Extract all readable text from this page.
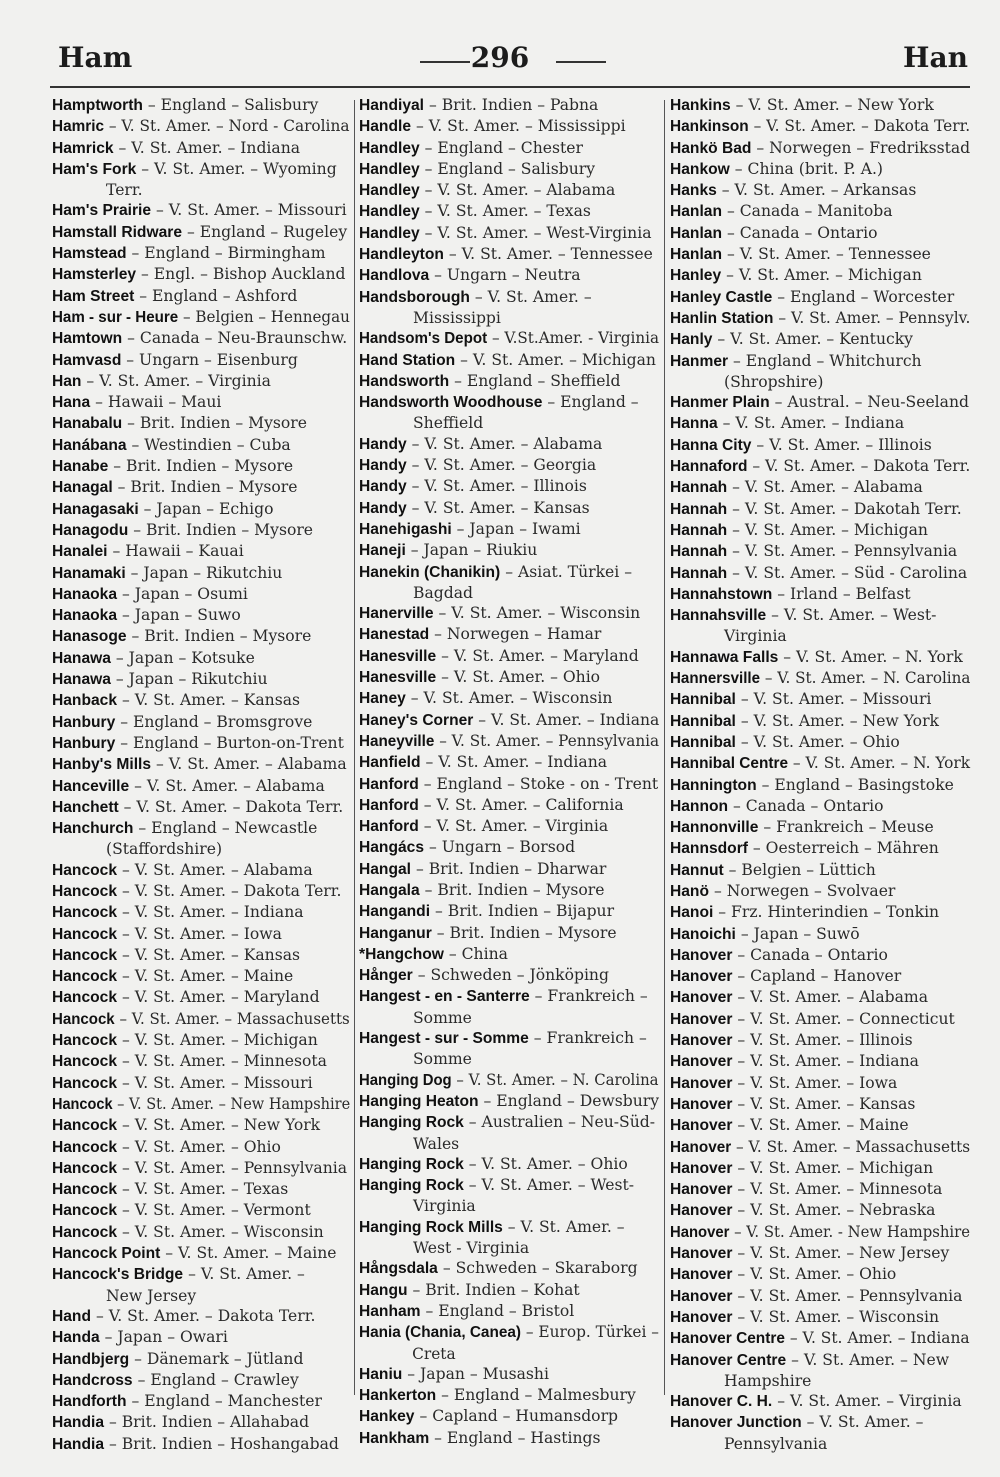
Ham	296	Han
Hamptworth – England – Salisbury
Hamric – V. St. Amer. – Nord - Carolina
Hamrick – V. St. Amer. – Indiana
Ham's Fork – V. St. Amer. – Wyoming
Terr.
Ham's Prairie – V. St. Amer. – Missouri
Hamstall Ridware – England – Rugeley
Hamstead – England – Birmingham
Hamsterley – Engl. – Bishop Auckland
Ham Street – England – Ashford
Ham - sur - Heure – Belgien – Hennegau
Hamtown – Canada – Neu-Braunschw.
Hamvasd – Ungarn – Eisenburg
Han – V. St. Amer. – Virginia
Hana – Hawaii – Maui
Hanabalu – Brit. Indien – Mysore
Hanábana – Westindien – Cuba
Hanabe – Brit. Indien – Mysore
Hanagal – Brit. Indien – Mysore
Hanagasaki – Japan – Echigo
Hanagodu – Brit. Indien – Mysore
Hanalei – Hawaii – Kauai
Hanamaki – Japan – Rikutchiu
Hanaoka – Japan – Osumi
Hanaoka – Japan – Suwo
Hanasoge – Brit. Indien – Mysore
Hanawa – Japan – Kotsuke
Hanawa – Japan – Rikutchiu
Hanback – V. St. Amer. – Kansas
Hanbury – England – Bromsgrove
Hanbury – England – Burton-on-Trent
Hanby's Mills – V. St. Amer. – Alabama
Hanceville – V. St. Amer. – Alabama
Hanchett – V. St. Amer. – Dakota Terr.
Hanchurch – England – Newcastle
(Staffordshire)
Hancock – V. St. Amer. – Alabama
Hancock – V. St. Amer. – Dakota Terr.
Hancock – V. St. Amer. – Indiana
Hancock – V. St. Amer. – Iowa
Hancock – V. St. Amer. – Kansas
Hancock – V. St. Amer. – Maine
Hancock – V. St. Amer. – Maryland
Hancock – V. St. Amer. – Massachusetts
Hancock – V. St. Amer. – Michigan
Hancock – V. St. Amer. – Minnesota
Hancock – V. St. Amer. – Missouri
Hancock – V. St. Amer. – New Hampshire
Hancock – V. St. Amer. – New York
Hancock – V. St. Amer. – Ohio
Hancock – V. St. Amer. – Pennsylvania
Hancock – V. St. Amer. – Texas
Hancock – V. St. Amer. – Vermont
Hancock – V. St. Amer. – Wisconsin
Hancock Point – V. St. Amer. – Maine
Hancock's Bridge – V. St. Amer. –
New Jersey
Hand – V. St. Amer. – Dakota Terr.
Handa – Japan – Owari
Handbjerg – Dänemark – Jütland
Handcross – England – Crawley
Handforth – England – Manchester
Handia – Brit. Indien – Allahabad
Handia – Brit. Indien – Hoshangabad
Handiyal – Brit. Indien – Pabna
Handle – V. St. Amer. – Mississippi
Handley – England – Chester
Handley – England – Salisbury
Handley – V. St. Amer. – Alabama
Handley – V. St. Amer. – Texas
Handley – V. St. Amer. – West-Virginia
Handleyton – V. St. Amer. – Tennessee
Handlova – Ungarn – Neutra
Handsborough – V. St. Amer. –
Mississippi
Handsom's Depot – V.St.Amer. - Virginia
Hand Station – V. St. Amer. – Michigan
Handsworth – England – Sheffield
Handsworth Woodhouse – England –
Sheffield
Handy – V. St. Amer. – Alabama
Handy – V. St. Amer. – Georgia
Handy – V. St. Amer. – Illinois
Handy – V. St. Amer. – Kansas
Hanehigashi – Japan – Iwami
Haneji – Japan – Riukiu
Hanekin (Chanikin) – Asiat. Türkei –
Bagdad
Hanerville – V. St. Amer. – Wisconsin
Hanestad – Norwegen – Hamar
Hanesville – V. St. Amer. – Maryland
Hanesville – V. St. Amer. – Ohio
Haney – V. St. Amer. – Wisconsin
Haney's Corner – V. St. Amer. – Indiana
Haneyville – V. St. Amer. – Pennsylvania
Hanfield – V. St. Amer. – Indiana
Hanford – England – Stoke - on - Trent
Hanford – V. St. Amer. – California
Hanford – V. St. Amer. – Virginia
Hangács – Ungarn – Borsod
Hangal – Brit. Indien – Dharwar
Hangala – Brit. Indien – Mysore
Hangandi – Brit. Indien – Bijapur
Hanganur – Brit. Indien – Mysore
*Hangchow – China
Hånger – Schweden – Jönköping
Hangest - en - Santerre – Frankreich –
Somme
Hangest - sur - Somme – Frankreich –
Somme
Hanging Dog – V. St. Amer. – N. Carolina
Hanging Heaton – England – Dewsbury
Hanging Rock – Australien – Neu-Süd-
Wales
Hanging Rock – V. St. Amer. – Ohio
Hanging Rock – V. St. Amer. – West-
Virginia
Hanging Rock Mills – V. St. Amer. –
West - Virginia
Hångsdala – Schweden – Skaraborg
Hangu – Brit. Indien – Kohat
Hanham – England – Bristol
Hania (Chania, Canea) – Europ. Türkei –
Creta
Haniu – Japan – Musashi
Hankerton – England – Malmesbury
Hankey – Capland – Humansdorp
Hankham – England – Hastings
Hankins – V. St. Amer. – New York
Hankinson – V. St. Amer. – Dakota Terr.
Hankö Bad – Norwegen – Fredriksstad
Hankow – China (brit. P. A.)
Hanks – V. St. Amer. – Arkansas
Hanlan – Canada – Manitoba
Hanlan – Canada – Ontario
Hanlan – V. St. Amer. – Tennessee
Hanley – V. St. Amer. – Michigan
Hanley Castle – England – Worcester
Hanlin Station – V. St. Amer. – Pennsylv.
Hanly – V. St. Amer. – Kentucky
Hanmer – England – Whitchurch
(Shropshire)
Hanmer Plain – Austral. – Neu-Seeland
Hanna – V. St. Amer. – Indiana
Hanna City – V. St. Amer. – Illinois
Hannaford – V. St. Amer. – Dakota Terr.
Hannah – V. St. Amer. – Alabama
Hannah – V. St. Amer. – Dakotah Terr.
Hannah – V. St. Amer. – Michigan
Hannah – V. St. Amer. – Pennsylvania
Hannah – V. St. Amer. – Süd - Carolina
Hannahstown – Irland – Belfast
Hannahsville – V. St. Amer. – West-
Virginia
Hannawa Falls – V. St. Amer. – N. York
Hannersville – V. St. Amer. – N. Carolina
Hannibal – V. St. Amer. – Missouri
Hannibal – V. St. Amer. – New York
Hannibal – V. St. Amer. – Ohio
Hannibal Centre – V. St. Amer. – N. York
Hannington – England – Basingstoke
Hannon – Canada – Ontario
Hannonville – Frankreich – Meuse
Hannsdorf – Oesterreich – Mähren
Hannut – Belgien – Lüttich
Hanö – Norwegen – Svolvaer
Hanoi – Frz. Hinterindien – Tonkin
Hanoichi – Japan – Suwō
Hanover – Canada – Ontario
Hanover – Capland – Hanover
Hanover – V. St. Amer. – Alabama
Hanover – V. St. Amer. – Connecticut
Hanover – V. St. Amer. – Illinois
Hanover – V. St. Amer. – Indiana
Hanover – V. St. Amer. – Iowa
Hanover – V. St. Amer. – Kansas
Hanover – V. St. Amer. – Maine
Hanover – V. St. Amer. – Massachusetts
Hanover – V. St. Amer. – Michigan
Hanover – V. St. Amer. – Minnesota
Hanover – V. St. Amer. – Nebraska
Hanover – V. St. Amer. - New Hampshire
Hanover – V. St. Amer. – New Jersey
Hanover – V. St. Amer. – Ohio
Hanover – V. St. Amer. – Pennsylvania
Hanover – V. St. Amer. – Wisconsin
Hanover Centre – V. St. Amer. – Indiana
Hanover Centre – V. St. Amer. – New
Hampshire
Hanover C. H. – V. St. Amer. – Virginia
Hanover Junction – V. St. Amer. –
Pennsylvania
